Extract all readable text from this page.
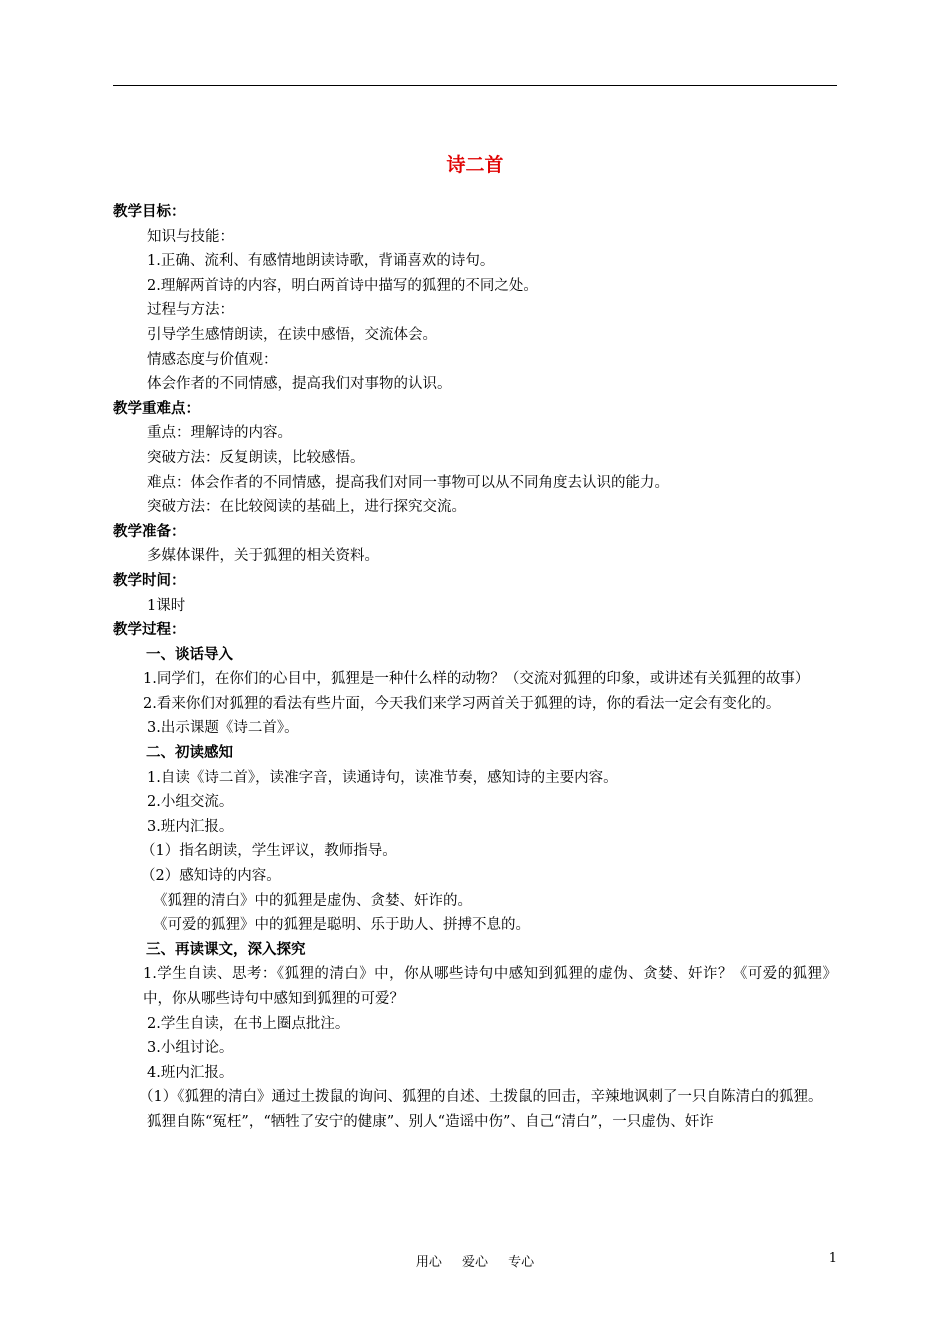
诗二首
教学目标：
知识与技能：
1.正确、流利、有感情地朗读诗歌，背诵喜欢的诗句。
2.理解两首诗的内容，明白两首诗中描写的狐狸的不同之处。
过程与方法：
引导学生感情朗读，在读中感悟，交流体会。
情感态度与价值观：
体会作者的不同情感，提高我们对事物的认识。
教学重难点：
重点：理解诗的内容。
突破方法：反复朗读，比较感悟。
难点：体会作者的不同情感，提高我们对同一事物可以从不同角度去认识的能力。
突破方法：在比较阅读的基础上，进行探究交流。
教学准备：
多媒体课件，关于狐狸的相关资料。
教学时间：
1课时
教学过程：
一、谈话导入
1.同学们，在你们的心目中，狐狸是一种什么样的动物？（交流对狐狸的印象，或讲述有关狐狸的故事）
2.看来你们对狐狸的看法有些片面，今天我们来学习两首关于狐狸的诗，你的看法一定会有变化的。
3.出示课题《诗二首》。
二、初读感知
1.自读《诗二首》，读准字音，读通诗句，读准节奏，感知诗的主要内容。
2.小组交流。
3.班内汇报。
（1）指名朗读，学生评议，教师指导。
（2）感知诗的内容。
《狐狸的清白》中的狐狸是虚伪、贪婪、奸诈的。
《可爱的狐狸》中的狐狸是聪明、乐于助人、拼搏不息的。
三、再读课文，深入探究
1.学生自读、思考：《狐狸的清白》中，你从哪些诗句中感知到狐狸的虚伪、贪婪、奸诈？《可爱的狐狸》中，你从哪些诗句中感知到狐狸的可爱？
2.学生自读，在书上圈点批注。
3.小组讨论。
4.班内汇报。
（1）《狐狸的清白》通过土拨鼠的询问、狐狸的自述、土拨鼠的回击，辛辣地讽刺了一只自陈清白的狐狸。
狐狸自陈“冤枉”，“牺牲了安宁的健康”、别人“造谣中伤”、自己“清白”，一只虚伪、奸诈
用心 爱心 专心	1
